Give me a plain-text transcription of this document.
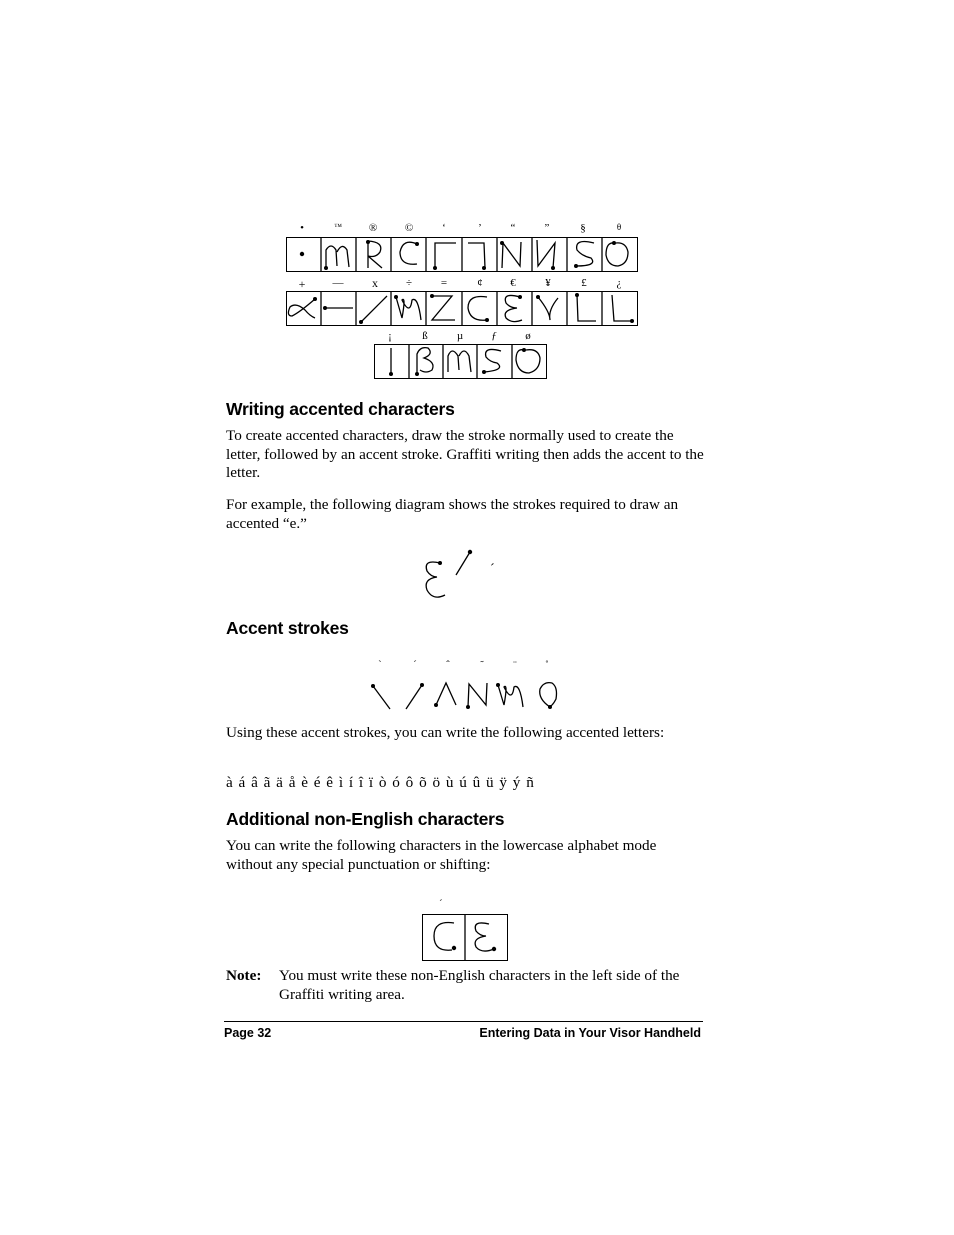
•	™	®	©	‘	’	“	”	§	θ
+	—	x	÷	=	¢	€	¥	£	¿
¡	ß	µ	ƒ	ø
Writing accented characters
To create accented characters, draw the stroke normally used to create the letter, followed by an accent stroke. Graffiti writing then adds the accent to the letter.
For example, the following diagram shows the strokes required to draw an accented “e.”
´
Accent strokes
`	´	ˆ	˜	¨	˚
Using these accent strokes, you can write the following accented letters:
à á â ã ä å è é ê ì í î ï ò ó ô õ ö ù ú û ü ÿ ý ñ
Additional non-English characters
You can write the following characters in the lowercase alphabet mode without any special punctuation or shifting:
´
Note: You must write these non-English characters in the left side of the Graffiti writing area.
Page 32	Entering Data in Your Visor Handheld
